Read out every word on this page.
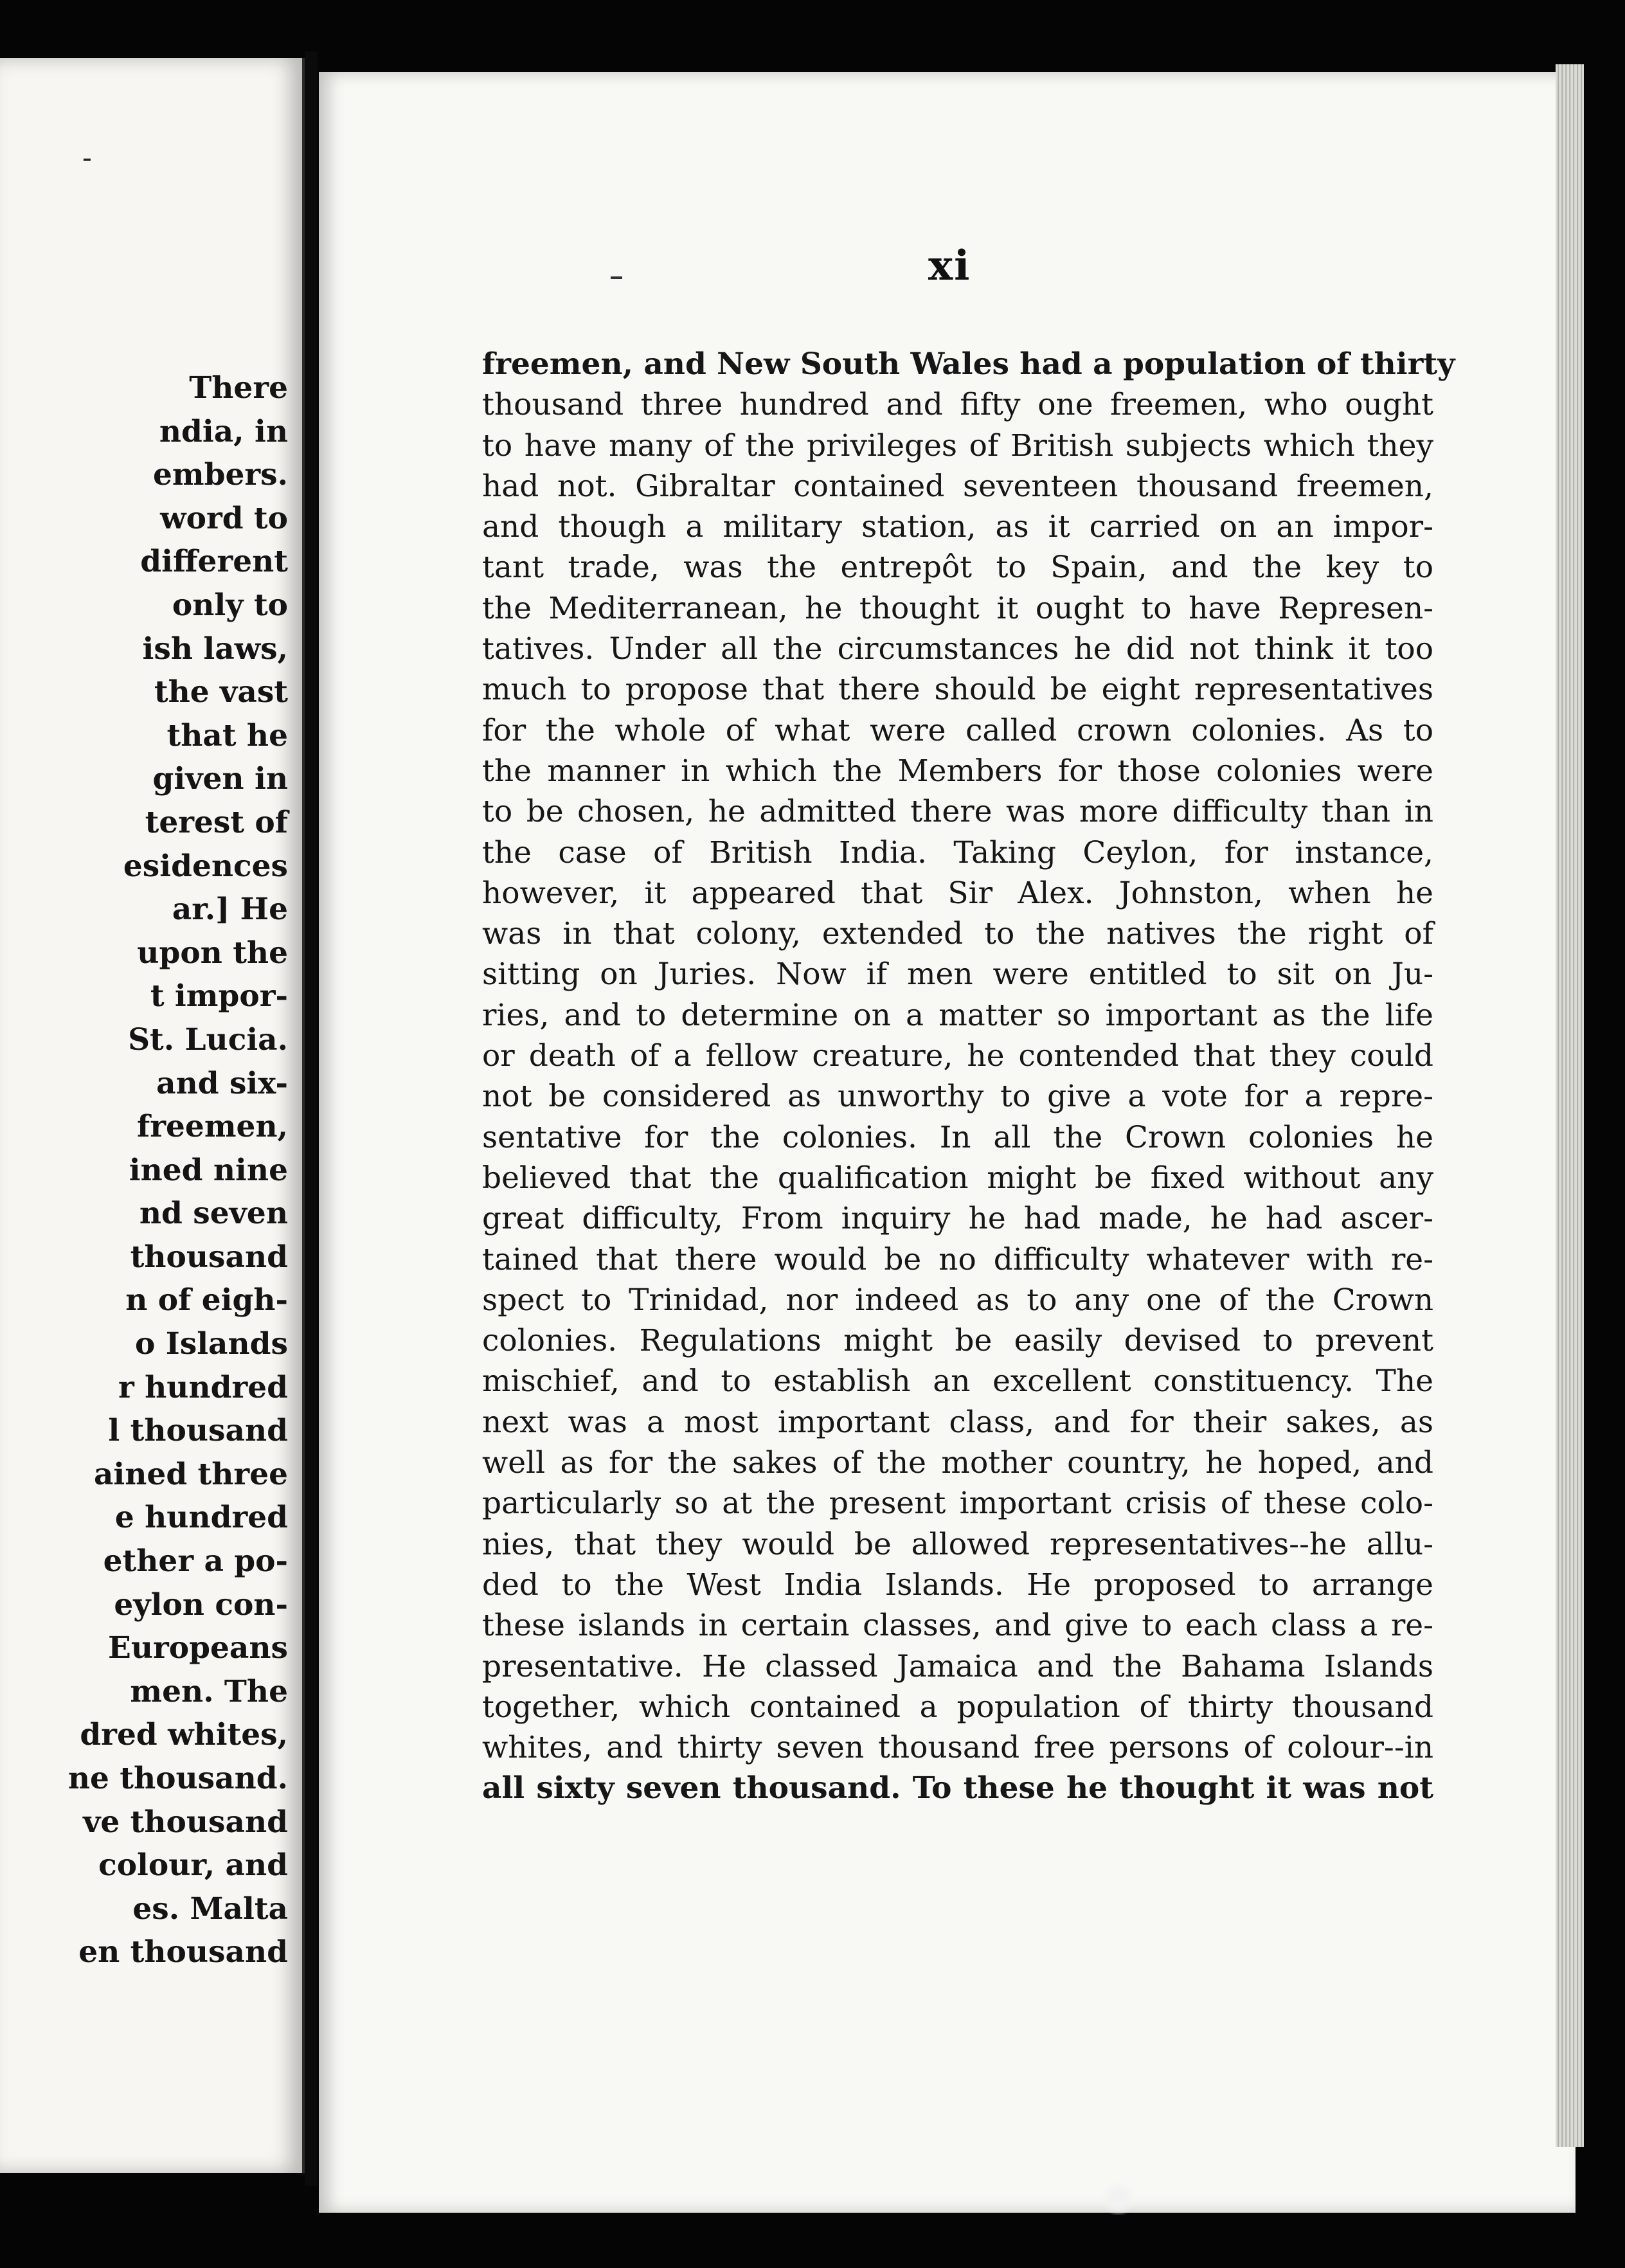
-
There
ndia, in
embers.
word to
different
only to
ish laws,
the vast
that he
given in
terest of
esidences
ar.] He
upon the
t impor-
St. Lucia.
and six-
freemen,
ined nine
nd seven
thousand
n of eigh-
o Islands
r hundred
l thousand
ained three
e hundred
ether a po-
eylon con-
Europeans
men. The
dred whites,
ne thousand.
ve thousand
colour, and
es. Malta
en thousand
xi
freemen, and New South Wales had a population of thirty
thousand three hundred and fifty one freemen, who ought
to have many of the privileges of British subjects which they
had not. Gibraltar contained seventeen thousand freemen,
and though a military station, as it carried on an impor-
tant trade, was the entrepôt to Spain, and the key to
the Mediterranean, he thought it ought to have Represen-
tatives. Under all the circumstances he did not think it too
much to propose that there should be eight representatives
for the whole of what were called crown colonies. As to
the manner in which the Members for those colonies were
to be chosen, he admitted there was more difficulty than in
the case of British India. Taking Ceylon, for instance,
however, it appeared that Sir Alex. Johnston, when he
was in that colony, extended to the natives the right of
sitting on Juries. Now if men were entitled to sit on Ju-
ries, and to determine on a matter so important as the life
or death of a fellow creature, he contended that they could
not be considered as unworthy to give a vote for a repre-
sentative for the colonies. In all the Crown colonies he
believed that the qualification might be fixed without any
great difficulty, From inquiry he had made, he had ascer-
tained that there would be no difficulty whatever with re-
spect to Trinidad, nor indeed as to any one of the Crown
colonies. Regulations might be easily devised to prevent
mischief, and to establish an excellent constituency. The
next was a most important class, and for their sakes, as
well as for the sakes of the mother country, he hoped, and
particularly so at the present important crisis of these colo-
nies, that they would be allowed representatives--he allu-
ded to the West India Islands. He proposed to arrange
these islands in certain classes, and give to each class a re-
presentative. He classed Jamaica and the Bahama Islands
together, which contained a population of thirty thousand
whites, and thirty seven thousand free persons of colour--in
all sixty seven thousand. To these he thought it was not
